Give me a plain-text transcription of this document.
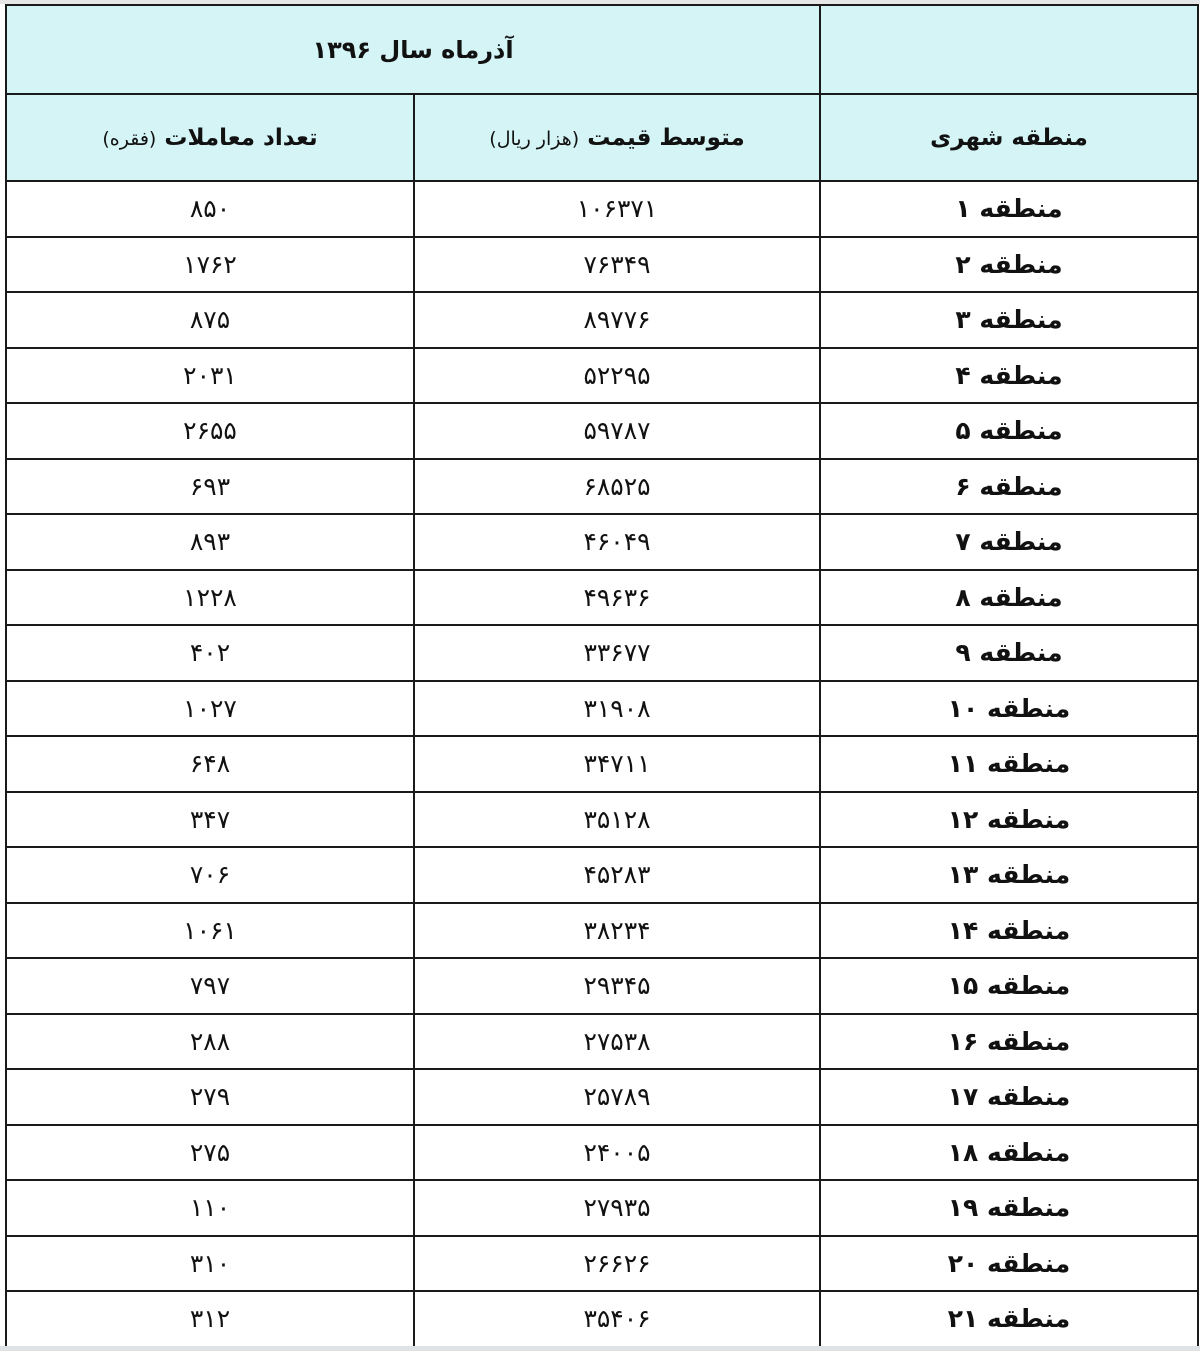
	آذرماه سال ۱۳۹۶	
منطقه شهری	متوسط قیمت (هزار ریال)	تعداد معاملات (فقره)
منطقه ۱	۱۰۶۳۷۱	۸۵۰
منطقه ۲	۷۶۳۴۹	۱۷۶۲
منطقه ۳	۸۹۷۷۶	۸۷۵
منطقه ۴	۵۲۲۹۵	۲۰۳۱
منطقه ۵	۵۹۷۸۷	۲۶۵۵
منطقه ۶	۶۸۵۲۵	۶۹۳
منطقه ۷	۴۶۰۴۹	۸۹۳
منطقه ۸	۴۹۶۳۶	۱۲۲۸
منطقه ۹	۳۳۶۷۷	۴۰۲
منطقه ۱۰	۳۱۹۰۸	۱۰۲۷
منطقه ۱۱	۳۴۷۱۱	۶۴۸
منطقه ۱۲	۳۵۱۲۸	۳۴۷
منطقه ۱۳	۴۵۲۸۳	۷۰۶
منطقه ۱۴	۳۸۲۳۴	۱۰۶۱
منطقه ۱۵	۲۹۳۴۵	۷۹۷
منطقه ۱۶	۲۷۵۳۸	۲۸۸
منطقه ۱۷	۲۵۷۸۹	۲۷۹
منطقه ۱۸	۲۴۰۰۵	۲۷۵
منطقه ۱۹	۲۷۹۳۵	۱۱۰
منطقه ۲۰	۲۶۶۲۶	۳۱۰
منطقه ۲۱	۳۵۴۰۶	۳۱۲
